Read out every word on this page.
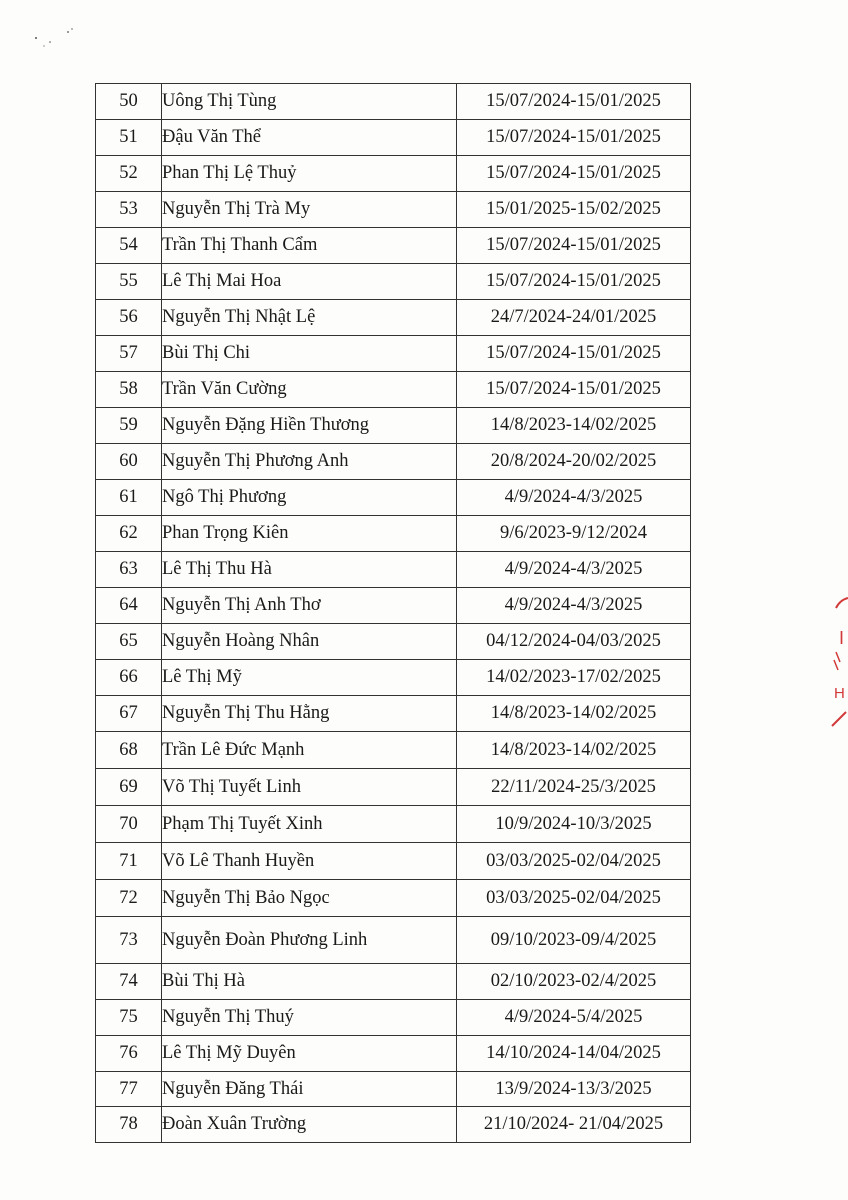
50	Uông Thị Tùng	15/07/2024-15/01/2025
51	Đậu Văn Thể	15/07/2024-15/01/2025
52	Phan Thị Lệ Thuỷ	15/07/2024-15/01/2025
53	Nguyễn Thị Trà My	15/01/2025-15/02/2025
54	Trần Thị Thanh Cẩm	15/07/2024-15/01/2025
55	Lê Thị Mai Hoa	15/07/2024-15/01/2025
56	Nguyễn Thị Nhật Lệ	24/7/2024-24/01/2025
57	Bùi Thị Chi	15/07/2024-15/01/2025
58	Trần Văn Cường	15/07/2024-15/01/2025
59	Nguyễn Đặng Hiền Thương	14/8/2023-14/02/2025
60	Nguyễn Thị Phương Anh	20/8/2024-20/02/2025
61	Ngô Thị Phương	4/9/2024-4/3/2025
62	Phan Trọng Kiên	9/6/2023-9/12/2024
63	Lê Thị Thu Hà	4/9/2024-4/3/2025
64	Nguyễn Thị Anh Thơ	4/9/2024-4/3/2025
65	Nguyễn Hoàng Nhân	04/12/2024-04/03/2025
66	Lê Thị Mỹ	14/02/2023-17/02/2025
67	Nguyễn Thị Thu Hằng	14/8/2023-14/02/2025
68	Trần Lê Đức Mạnh	14/8/2023-14/02/2025
69	Võ Thị Tuyết Linh	22/11/2024-25/3/2025
70	Phạm Thị Tuyết Xinh	10/9/2024-10/3/2025
71	Võ Lê Thanh Huyền	03/03/2025-02/04/2025
72	Nguyễn Thị Bảo Ngọc	03/03/2025-02/04/2025
73	Nguyễn Đoàn Phương Linh	09/10/2023-09/4/2025
74	Bùi Thị Hà	02/10/2023-02/4/2025
75	Nguyễn Thị Thuý	4/9/2024-5/4/2025
76	Lê Thị Mỹ Duyên	14/10/2024-14/04/2025
77	Nguyễn Đăng Thái	13/9/2024-13/3/2025
78	Đoàn Xuân Trường	21/10/2024- 21/04/2025
I
H
